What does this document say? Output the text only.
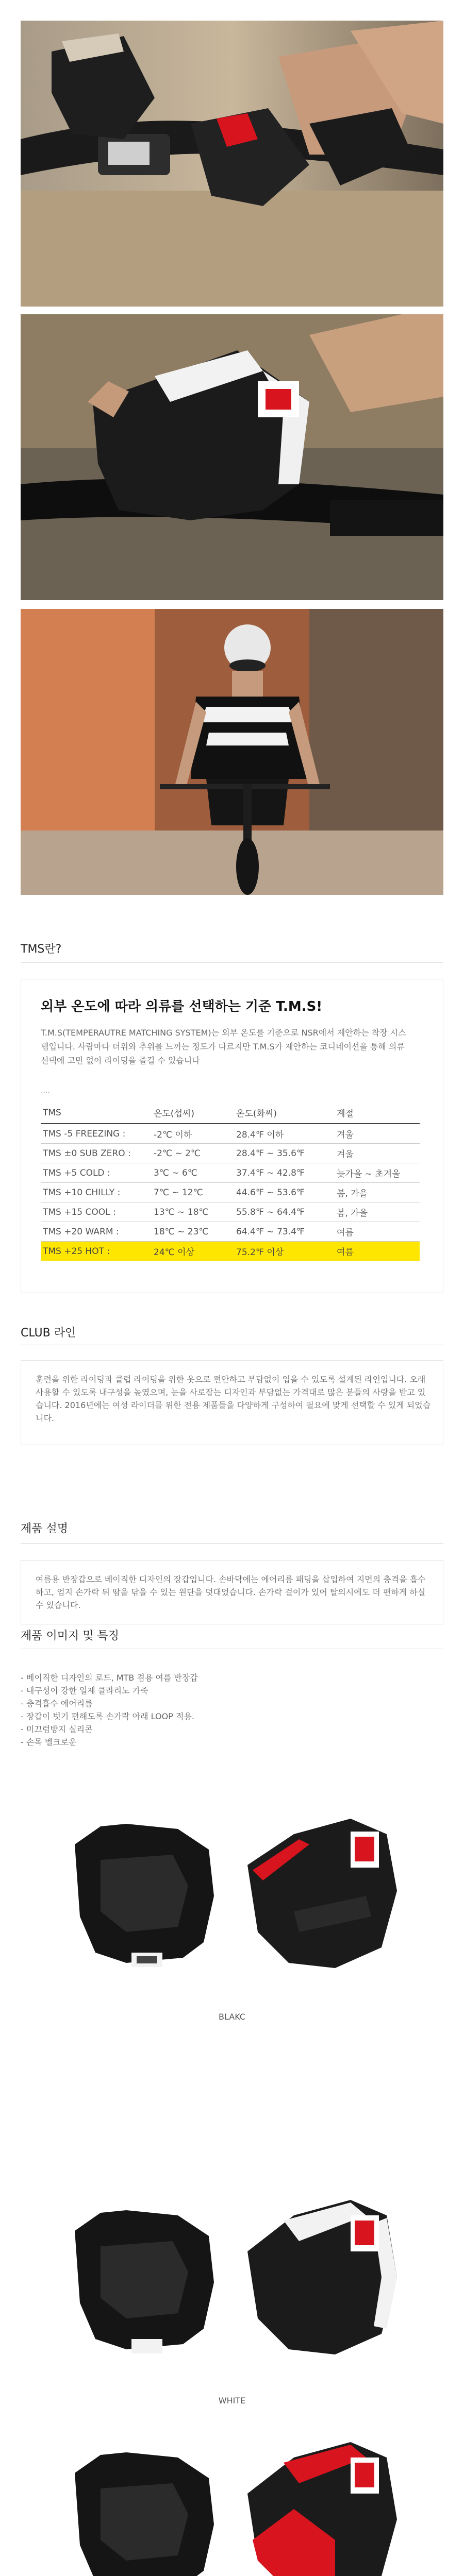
TMS란?
외부 온도에 따라 의류를 선택하는 기준 T.M.S!
T.M.S(TEMPERAUTRE MATCHING SYSTEM)는 외부 온도를 기준으로 NSR에서 제안하는 착장 시스템입니다. 사람마다 더위와 추위를 느끼는 정도가 다르지만 T.M.S가 제안하는 코디네이션을 통해 의류 선택에 고민 없이 라이딩을 즐길 수 있습니다
....
TMS	온도(섭씨)	온도(화씨)	계절
TMS -5 FREEZING :	-2℃ 이하	28.4℉ 이하	겨울
TMS ±0 SUB ZERO :	-2℃ ~ 2℃	28.4℉ ~ 35.6℉	겨울
TMS +5 COLD :	3℃ ~ 6℃	37.4℉ ~ 42.8℉	늦가을 ~ 초겨울
TMS +10 CHILLY :	7℃ ~ 12℃	44.6℉ ~ 53.6℉	봄, 가을
TMS +15 COOL :	13℃ ~ 18℃	55.8℉ ~ 64.4℉	봄, 가을
TMS +20 WARM :	18℃ ~ 23℃	64.4℉ ~ 73.4℉	여름
TMS +25 HOT :	24℃ 이상	75.2℉ 이상	여름
CLUB 라인
훈련을 위한 라이딩과 클럽 라이딩을 위한 옷으로 편안하고 부담없이 입을 수 있도록 설계된 라인입니다. 오래 사용할 수 있도록 내구성을 높였으며, 눈을 사로잡는 디자인과 부담없는 가격대로 많은 분들의 사랑을 받고 있습니다. 2016년에는 여성 라이더를 위한 전용 제품들을 다양하게 구성하여 필요에 맞게 선택할 수 있게 되었습니다.
제품 설명
여름용 반장갑으로 베이직한 디자인의 장갑입니다. 손바닥에는 에어리름 패딩을 삽입하여 지면의 충격을 흡수하고, 엄지 손가락 뒤 땀을 닦을 수 있는 원단을 덧대었습니다. 손가락 걸이가 있어 탈의시에도 더 편하게 하실 수 있습니다.
제품 이미지 및 특징
- 베이직한 디자인의 로드, MTB 겸용 여름 반장갑
- 내구성이 강한 일제 클라리노 가죽
- 충격흡수 에어리름
- 장갑이 벗기 편해도록 손가락 아래 LOOP 적용.
- 미끄럼방지 실리콘
- 손목 벨크로운
BLAKC
WHITE
